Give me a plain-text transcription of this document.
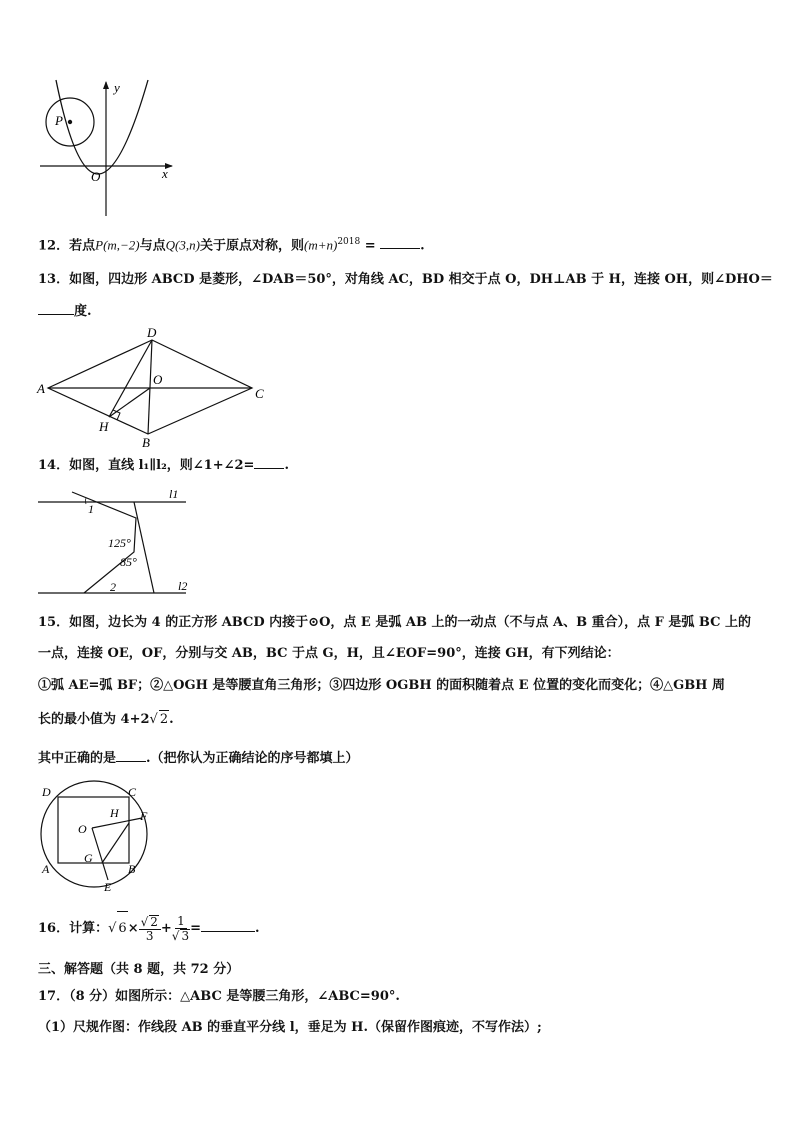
P
y
x
O
12．若点P(m,−2)与点Q(3,n)关于原点对称，则$(m+n)^{2018}$ =	.
13．如图，四边形 ABCD 是菱形，∠DAB＝50°，对角线 AC，BD 相交于点 O，DH⊥AB 于 H，连接 OH，则∠DHO＝
度.
A
D
C
B
O
H
14．如图，直线 l₁∥l₂，则∠1+∠2= .
l1
l2
1
2
125°
85°
15．如图，边长为 4 的正方形 ABCD 内接于⊙O，点 E 是弧 AB 上的一动点（不与点 A、B 重合），点 F 是弧 BC 上的
一点，连接 OE，OF，分别与交 AB，BC 于点 G，H，且∠EOF=90°，连接 GH，有下列结论：
①弧 AE=弧 BF；②△OGH 是等腰直角三角形；③四边形 OGBH 的面积随着点 E 位置的变化而变化；④△GBH 周
长的最小值为 4+2√ 2.
其中正确的是 .（把你认为正确结论的序号都填上）
D	C
A	B
O
H F
G
E
16．计算：√ $6\times \frac{√ 2}{3} + \frac{1}{√ 3}$ =	.
三、解答题（共 8 题，共 72 分）
17．（8 分）如图所示：△ABC 是等腰三角形，∠ABC=90°.
（1）尺规作图：作线段 AB 的垂直平分线 l，垂足为 H.（保留作图痕迹，不写作法）;
